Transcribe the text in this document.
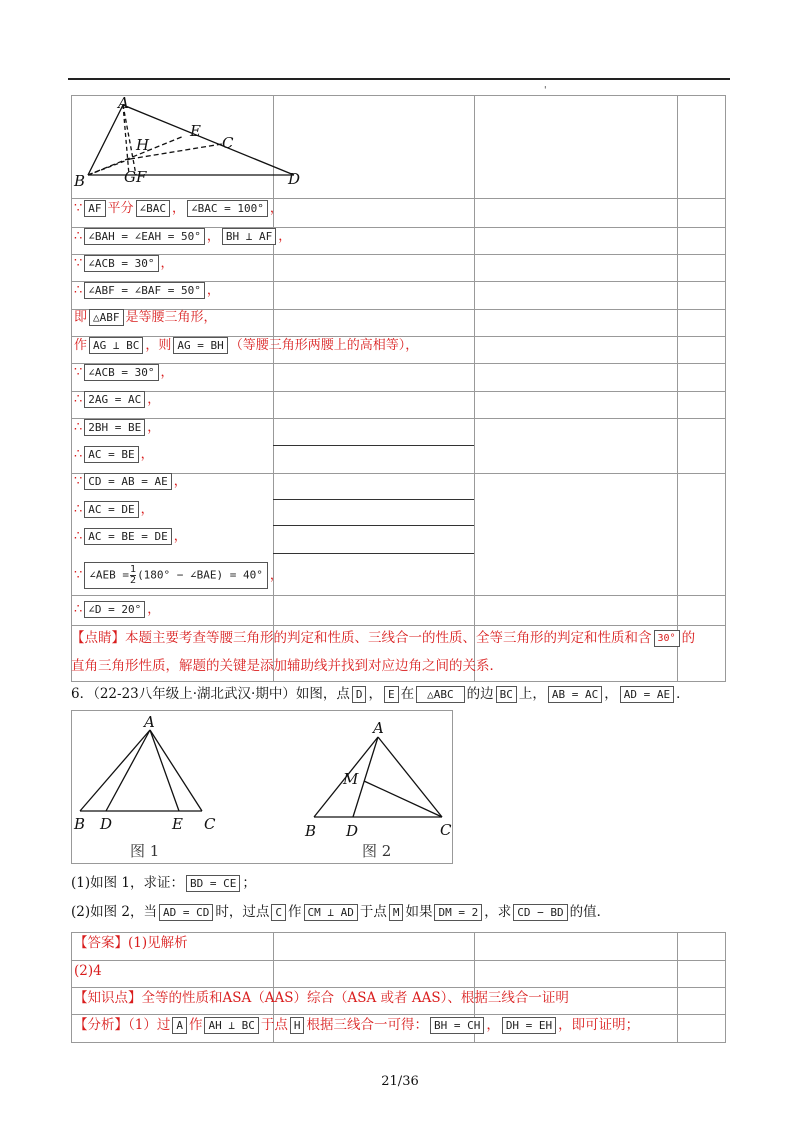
'
A
B
C
D
E
H
GF
∵ AF 平分 ∠BAC ， ∠BAC = 100° ，
∴ ∠BAH = ∠EAH = 50° ， BH ⊥ AF ，
∵ ∠ACB = 30° ，
∴ ∠ABF = ∠BAF = 50° ，
即 △ABF 是等腰三角形，
作 AG ⊥ BC ，则 AG = BH （等腰三角形两腰上的高相等），
∵ ∠ACB = 30° ，
∴ 2AG = AC ，
∴ 2BH = BE ，
∴ AC = BE ，
∵ CD = AB = AE ，
∴ AC = DE ，
∴ AC = BE = DE ，
∵ ∠AEB = $\frac{1}{2} (180^\circ$ − ∠BAE) = 40° ，
∴ ∠D = 20° ，
【点睛】本题主要考查等腰三角形的判定和性质、三线合一的性质、全等三角形的判定和性质和含 30° 的
直角三角形性质，解题的关键是添加辅助线并找到对应边角之间的关系．
6．（22-23八年级上·湖北武汉·期中）如图，点 D ， E 在 △ABC 的边 BC 上， AB = AC ， AD = AE ．
A
B D	E C
A
M
B D	C
图 1	图 2
(1)如图 1，求证： BD = CE ；
(2)如图 2，当 AD = CD 时，过点 C 作 CM ⊥ AD 于点 M 如果 DM = 2 ，求 CD − BD 的值．
【答案】(1)见解析
(2)4
【知识点】全等的性质和ASA（AAS）综合（ASA 或者 AAS）、根据三线合一证明
【分析】（1）过 A 作 AH ⊥ BC 于点 H 根据三线合一可得： BH = CH ， DH = EH ，即可证明；
21/36
